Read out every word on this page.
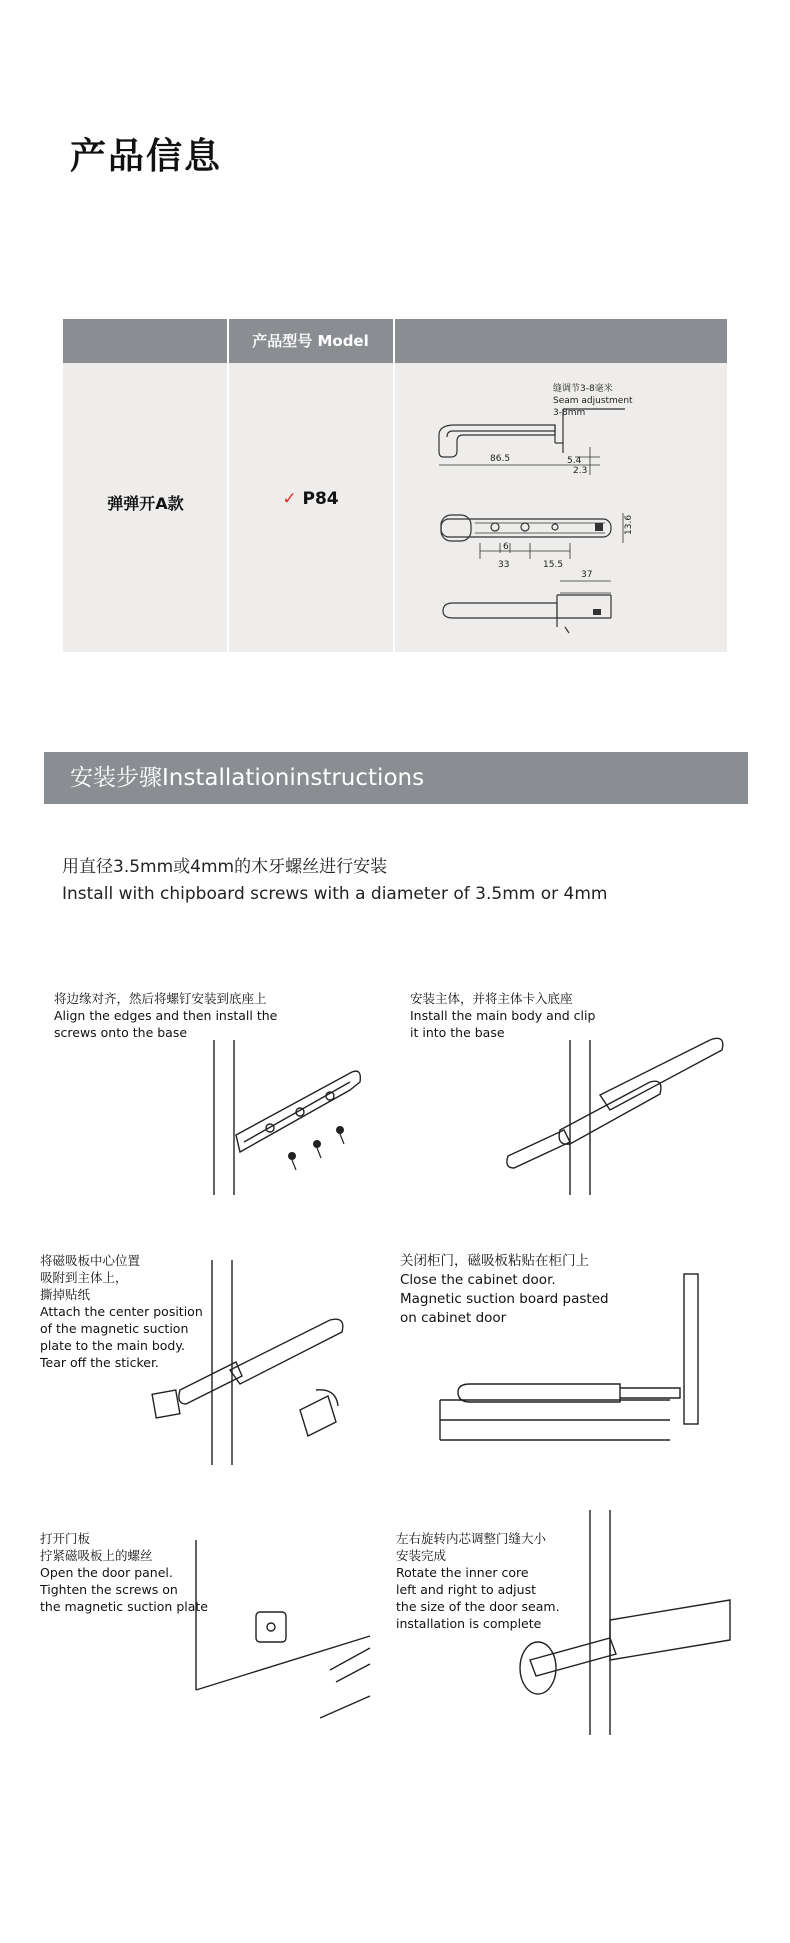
产品信息
产品型号 Model
弹弹开A款	✓ P84
缝调节3-8毫米
Seam adjustment
3-8mm
86.5	5.4
2.3
13.6
6
33	15.5
37
安装步骤Installationinstructions
用直径3.5mm或4mm的木牙螺丝进行安装
Install with chipboard screws with a diameter of 3.5mm or 4mm
将边缘对齐，然后将螺钉安装到底座上
Align the edges and then install the
screws onto the base
安装主体，并将主体卡入底座
Install the main body and clip
it into the base
将磁吸板中心位置
吸附到主体上，
撕掉贴纸
Attach the center position
of the magnetic suction
plate to the main body.
Tear off the sticker.
关闭柜门，磁吸板粘贴在柜门上
Close the cabinet door.
Magnetic suction board pasted
on cabinet door
打开门板
拧紧磁吸板上的螺丝
Open the door panel.
Tighten the screws on
the magnetic suction plate
左右旋转内芯调整门缝大小
安装完成
Rotate the inner core
left and right to adjust
the size of the door seam.
installation is complete
